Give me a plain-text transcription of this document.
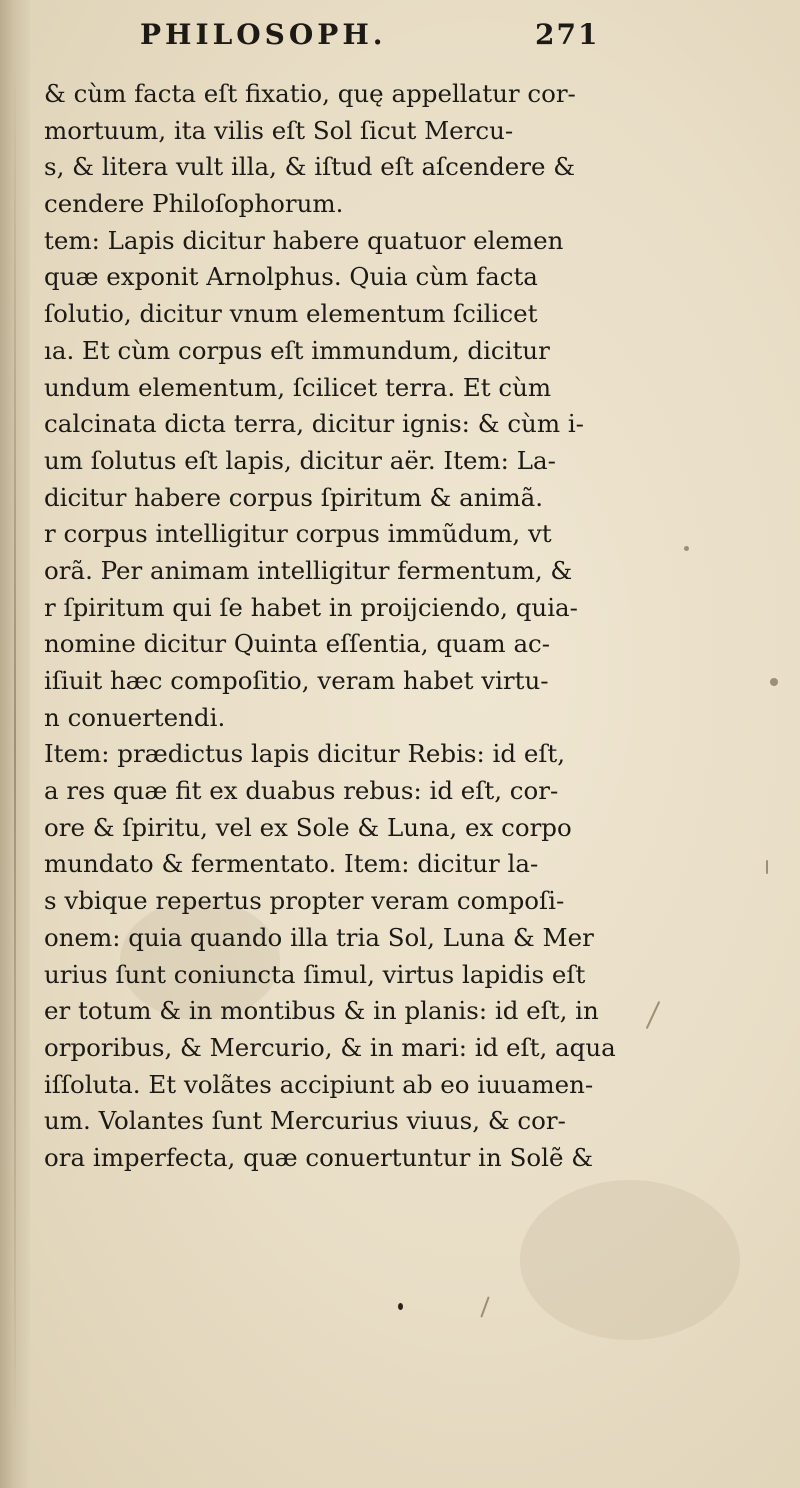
PHILOSOPH.	271
& cùm facta eſt fixatio, quę appellatur cor-
mortuum, ita vilis eſt Sol ſicut Mercu-
s, & litera vult illa, & iſtud eſt aſcendere &
cendere Philoſophorum.
tem: Lapis dicitur habere quatuor elemen
quæ exponit Arnolphus. Quia cùm facta
ſolutio, dicitur vnum elementum ſcilicet
ıa. Et cùm corpus eſt immundum, dicitur
undum elementum, ſcilicet terra. Et cùm
calcinata dicta terra, dicitur ignis: & cùm i-
um ſolutus eſt lapis, dicitur aër. Item: La-
dicitur habere corpus ſpiritum & animã.
r corpus intelligitur corpus immũdum, vt
orã. Per animam intelligitur fermentum, &
r ſpiritum qui ſe habet in proijciendo, quia-
nomine dicitur Quinta eſſentia, quam ac-
iſiuit hæc compoſitio, veram habet virtu-
n conuertendi.
Item: prædictus lapis dicitur Rebis: id eſt,
a res quæ fit ex duabus rebus: id eſt, cor-
ore & ſpiritu, vel ex Sole & Luna, ex corpo
mundato & fermentato. Item: dicitur la-
s vbique repertus propter veram compoſi-
onem: quia quando illa tria Sol, Luna & Mer
urius ſunt coniuncta ſimul, virtus lapidis eſt
er totum & in montibus & in planis: id eſt, in
orporibus, & Mercurio, & in mari: id eſt, aqua
iſſoluta. Et volãtes accipiunt ab eo iuuamen-
um. Volantes ſunt Mercurius viuus, & cor-
ora imperfecta, quæ conuertuntur in Solẽ &
